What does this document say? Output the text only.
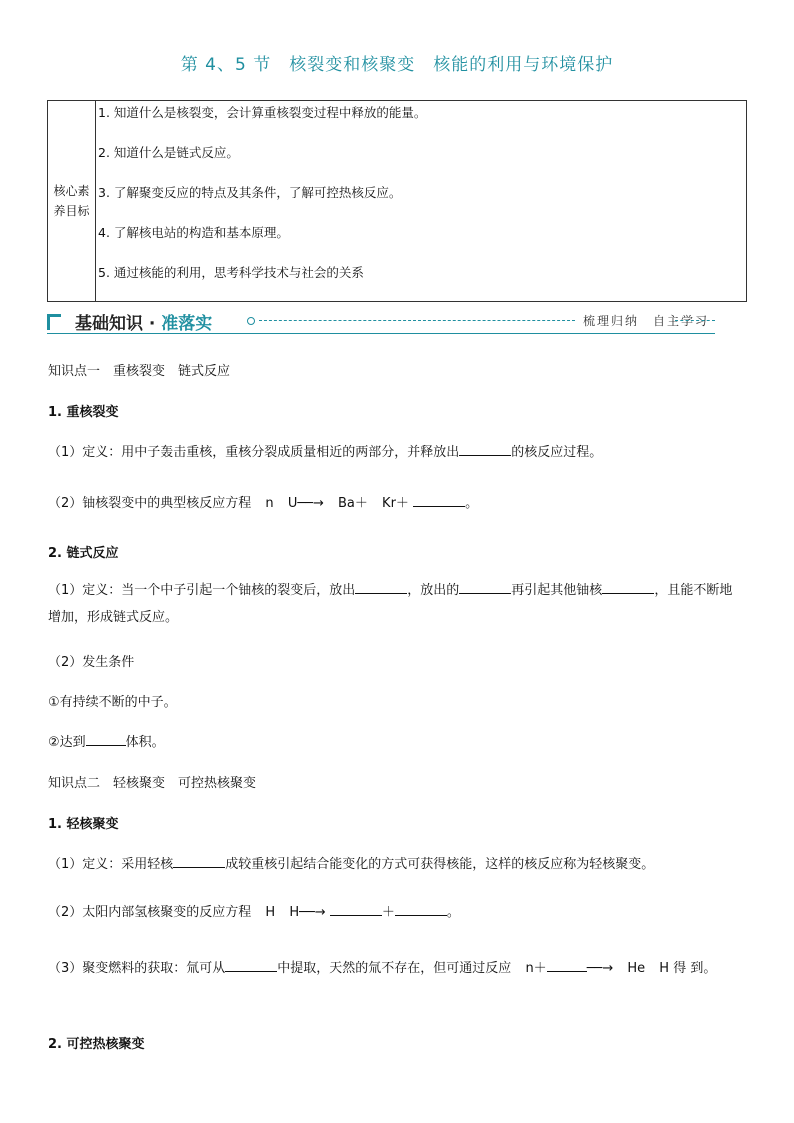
第 4、5 节　核裂变和核聚变　核能的利用与环境保护
核心素
养目标
1. 知道什么是核裂变，会计算重核裂变过程中释放的能量。
2. 知道什么是链式反应。
3. 了解聚变反应的特点及其条件，了解可控热核反应。
4. 了解核电站的构造和基本原理。
5. 通过核能的利用，思考科学技术与社会的关系
基础知识 · 准落实	梳理归纳　自主学习
知识点一　重核裂变　链式反应
1. 重核裂变
（1）定义：用中子轰击重核，重核分裂成质量相近的两部分，并释放出	的核反应过程。
（2）铀核裂变中的典型核反应方程 n U──→ Ba＋ Kr＋	。
2. 链式反应
（1）定义：当一个中子引起一个铀核的裂变后，放出	，放出的	再引起其他铀核	，且能不断地增加，形成链式反应。
（2）发生条件
①有持续不断的中子。
②达到	体积。
知识点二　轻核聚变　可控热核聚变
1. 轻核聚变
（1）定义：采用轻核	成较重核引起结合能变化的方式可获得核能，这样的核反应称为轻核聚变。
（2）太阳内部氢核聚变的反应方程 H H──→	＋	。
（3）聚变燃料的获取：氚可从	中提取，天然的氚不存在，但可通过反应 n＋	──→ He H 得 到。
2. 可控热核聚变
